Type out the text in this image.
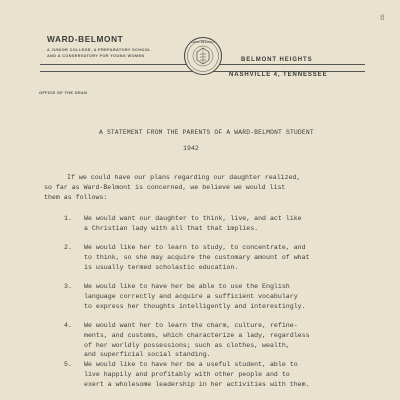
8
WARD-BELMONT
A JUNIOR COLLEGE, A PREPARATORY SCHOOL
AND A CONSERVATORY FOR YOUNG WOMEN
WARD-BELMONT
BELMONT HEIGHTS
NASHVILLE 4, TENNESSEE
OFFICE OF THE DEAN
A STATEMENT FROM THE PARENTS OF A WARD-BELMONT STUDENT
1942
If we could have our plans regarding our daughter realized,
so far as Ward-Belmont is concerned, we believe we would list
them as follows:
1. We would want our daughter to think, live, and act like
a Christian lady with all that that implies.
2. We would like her to learn to study, to concentrate, and
to think, so she may acquire the customary amount of what
is usually termed scholastic education.
3. We would like to have her be able to use the English
language correctly and acquire a sufficient vocabulary
to express her thoughts intelligently and interestingly.
4. We would want her to learn the charm, culture, refine-
ments, and customs, which characterize a lady, regardless
of her worldly possessions; such as clothes, wealth,
and superficial social standing.
5. We would like to have her be a useful student, able to
live happily and profitably with other people and to
exert a wholesome leadership in her activities with them.
